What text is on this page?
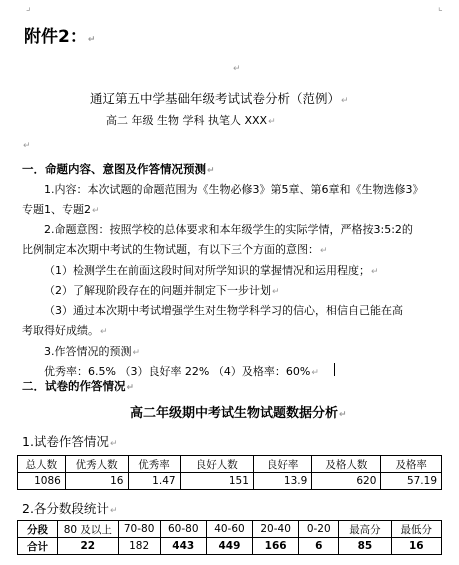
⌟	⌞
附件2： ↵
↵
通辽第五中学基础年级考试试卷分析（范例） ↵
高二 年级 生物 学科 执笔人 XXX ↵
↵
一．命题内容、意图及作答情况预测 ↵
1.内容：本次试题的命题范围为《生物必修3》第5章、第6章和《生物选修3》
专题1、专题2 ↵
2.命题意图：按照学校的总体要求和本年级学生的实际学情，严格按3:5:2的
比例制定本次期中考试的生物试题，有以下三个方面的意图： ↵
（1）检测学生在前面这段时间对所学知识的掌握情况和运用程度； ↵
（2）了解现阶段存在的问题并制定下一步计划 ↵
（3）通过本次期中考试增强学生对生物学科学习的信心，相信自己能在高
考取得好成绩。 ↵
3.作答情况的预测 ↵
优秀率：6.5% （3）良好率 22% （4）及格率：60% ↵
二．试卷的作答情况 ↵
高二年级期中考试生物试题数据分析 ↵
1.试卷作答情况 ↵
总人数	优秀人数	优秀率	良好人数	良好率	及格人数	及格率
1086	16	1.47	151	13.9	620	57.19
2.各分数段统计 ↵
分段	80 及以上	70-80	60-80	40-60	20-40	0-20	最高分	最低分
合计	22	182	443	449	166	6	85	16
